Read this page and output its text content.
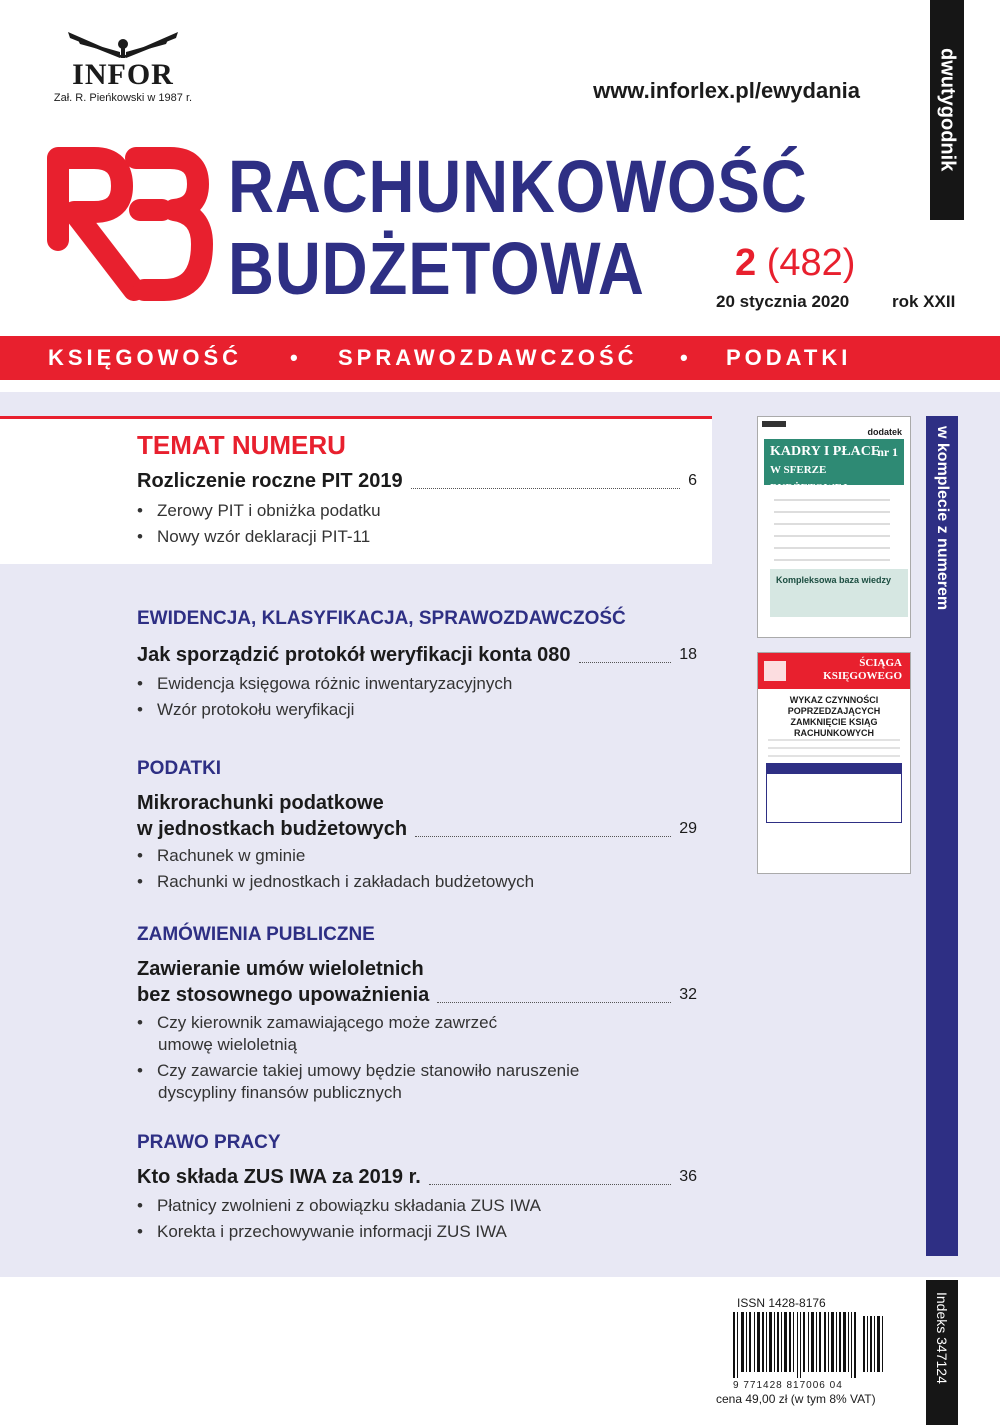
INFOR
Zał. R. Pieńkowski w 1987 r.	www.inforlex.pl/ewydania	dwutygodnik
RACHUNKOWOŚĆ
BUDŻETOWA 2 (482)
20 stycznia 2020	rok XXII
KSIĘGOWOŚĆ • SPRAWOZDAWCZOŚĆ • PODATKI
w komplecie z numerem
TEMAT NUMERU
Rozliczenie roczne PIT 2019	6
• Zerowy PIT i obniżka podatku
• Nowy wzór deklaracji PIT-11
EWIDENCJA, KLASYFIKACJA, SPRAWOZDAWCZOŚĆ
Jak sporządzić protokół weryfikacji konta 080	18
• Ewidencja księgowa różnic inwentaryzacyjnych
• Wzór protokołu weryfikacji
PODATKI
Mikrorachunki podatkowe
w jednostkach budżetowych	29
• Rachunek w gminie
• Rachunki w jednostkach i zakładach budżetowych
ZAMÓWIENIA PUBLICZNE
Zawieranie umów wieloletnich
bez stosownego upoważnienia	32
• Czy kierownik zamawiającego może zawrzeć
umowę wieloletnią
• Czy zawarcie takiej umowy będzie stanowiło naruszenie
dyscypliny finansów publicznych
PRAWO PRACY
Kto składa ZUS IWA za 2019 r.	36
• Płatnicy zwolnieni z obowiązku składania ZUS IWA
• Korekta i przechowywanie informacji ZUS IWA
dodatek
KADRY I PŁACE
W SFERZE BUDŻETOWEJ
nr 1
Kompleksowa baza wiedzy
ŚCIĄGA
KSIĘGOWEGO
WYKAZ CZYNNOŚCI POPRZEDZAJĄCYCH ZAMKNIĘCIE KSIĄG RACHUNKOWYCH
ISSN 1428-8176
9 771428 817006 04
cena 49,00 zł (w tym 8% VAT)
Indeks 347124
